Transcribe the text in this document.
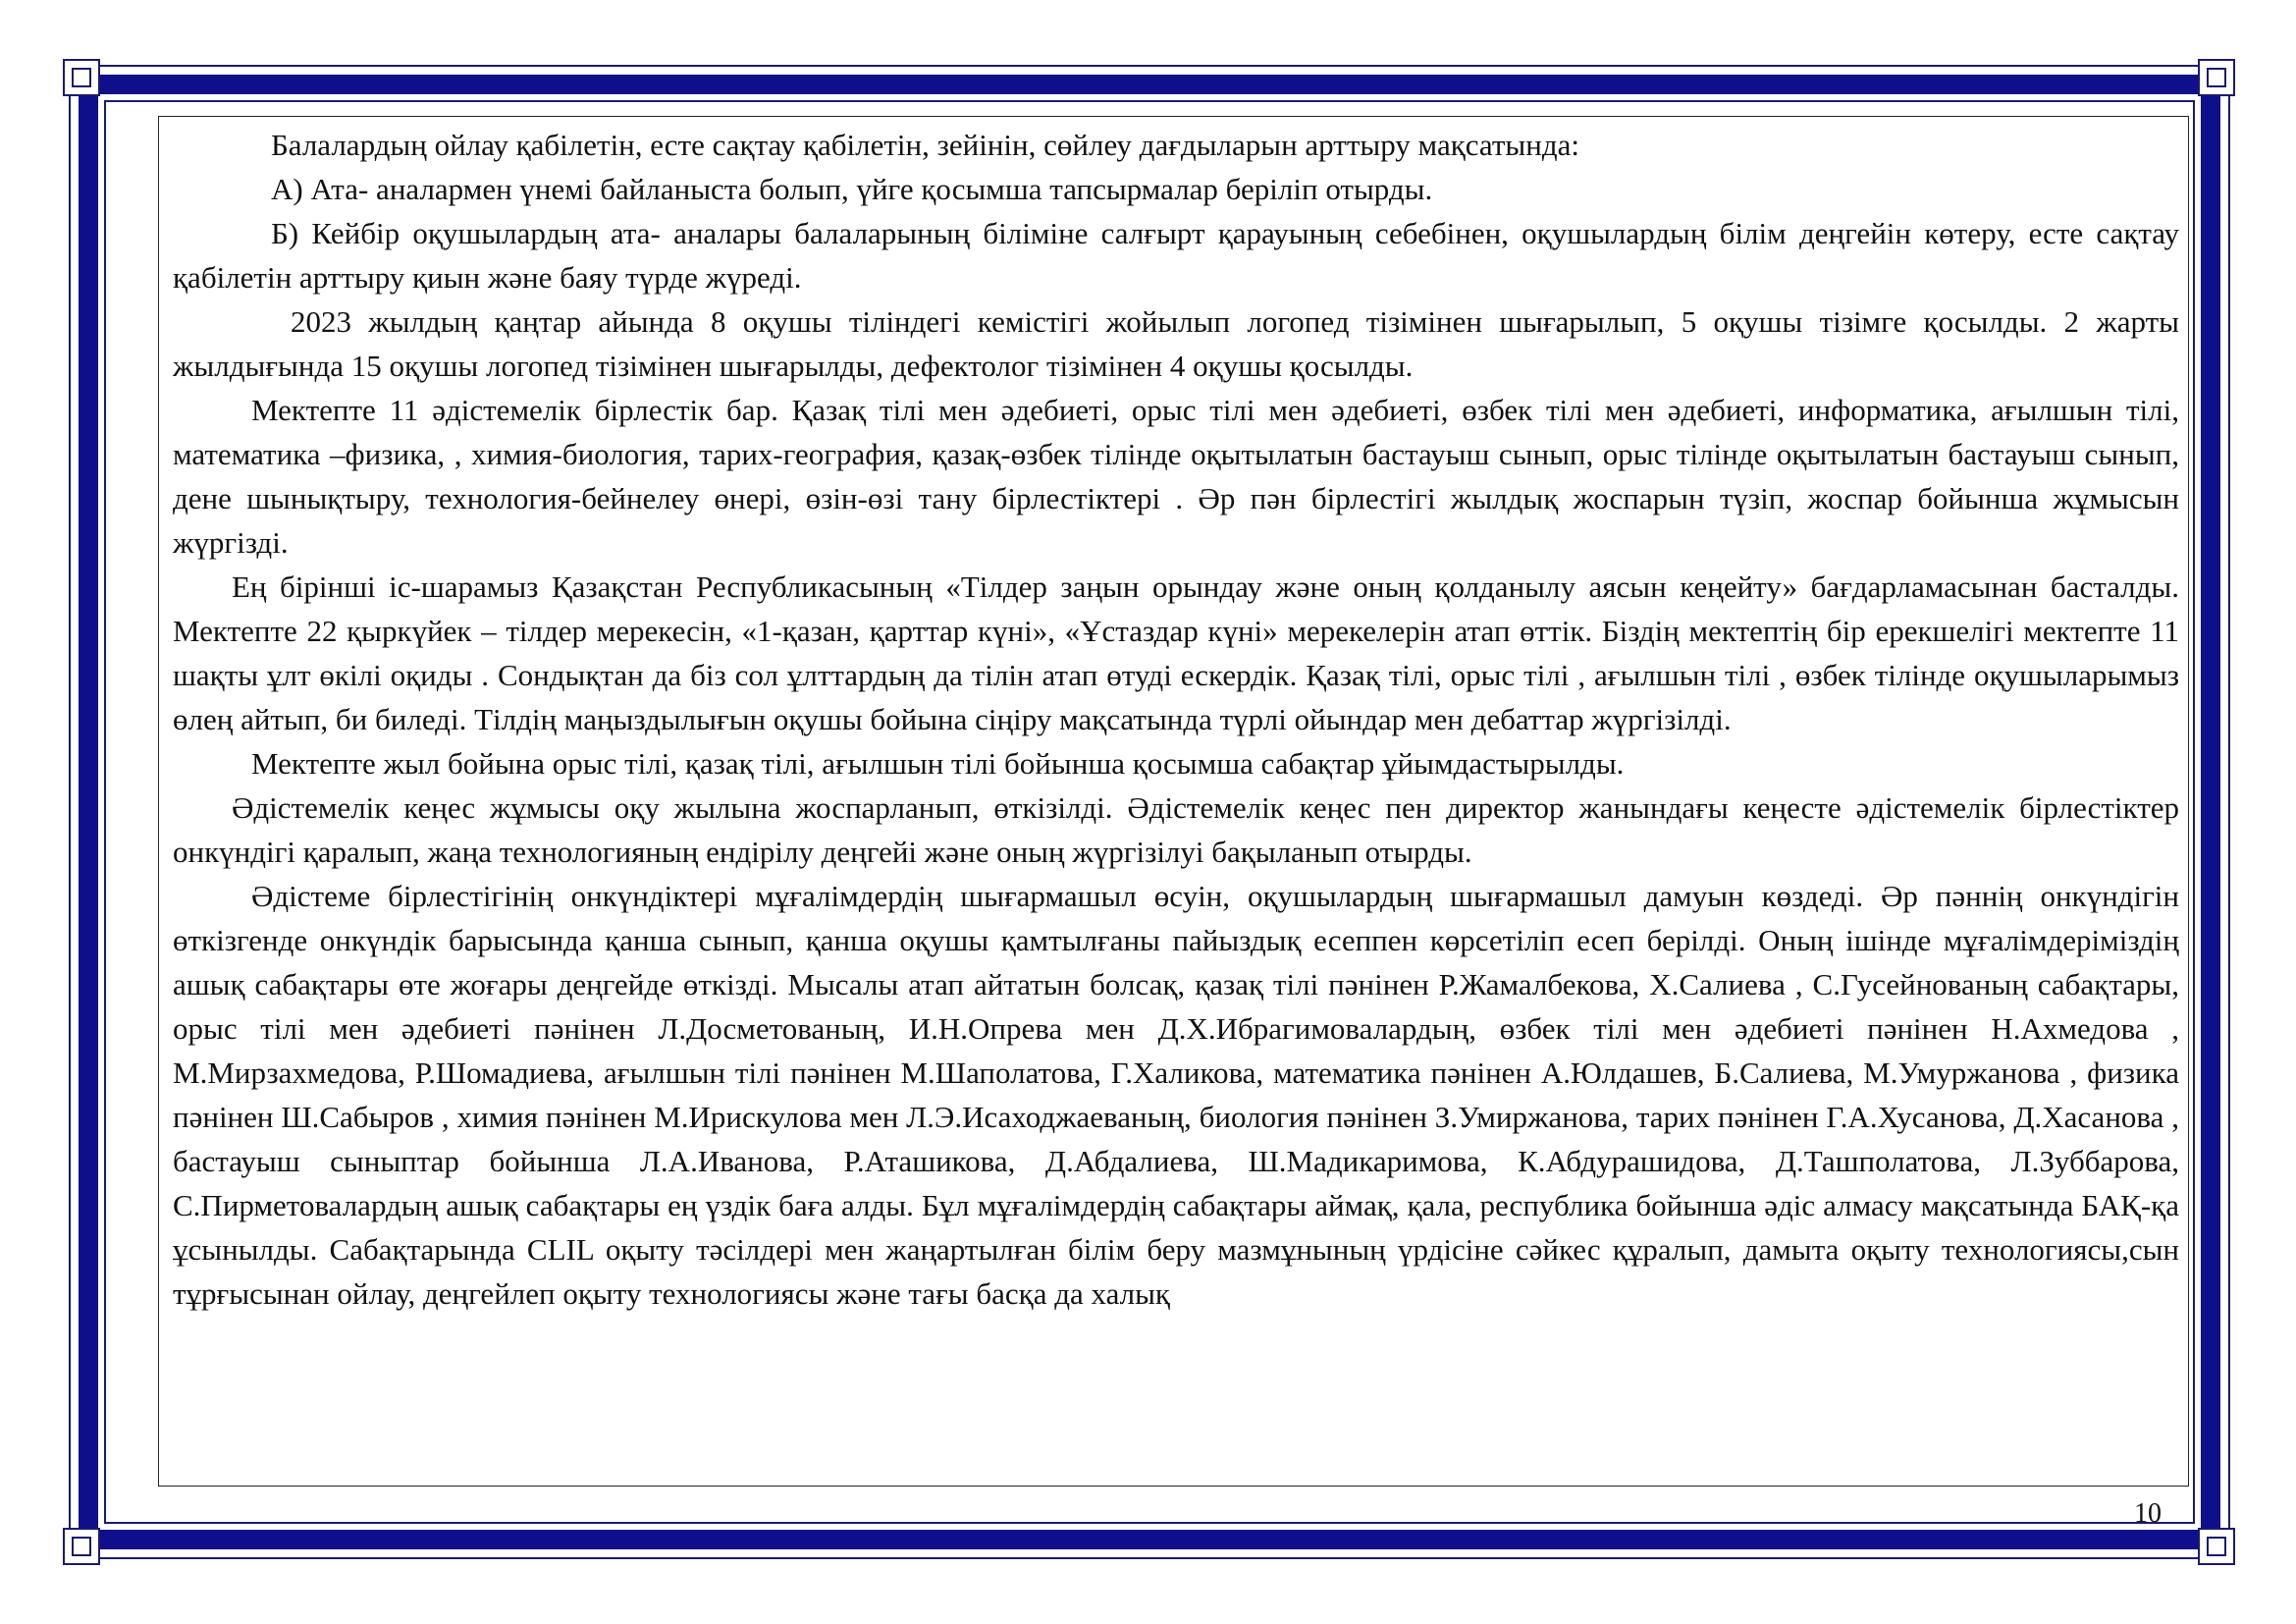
Балалардың ойлау қабілетін, есте сақтау қабілетін, зейінін, сөйлеу дағдыларын арттыру мақсатында:

А) Ата- аналармен үнемі байланыста болып, үйге қосымша тапсырмалар беріліп отырды.

Б) Кейбір оқушылардың ата- аналары балаларының біліміне салғырт қарауының себебінен, оқушылардың білім деңгейін көтеру, есте сақтау қабілетін арттыру қиын және баяу түрде жүреді.

2023 жылдың қаңтар айында 8 оқушы тіліндегі кемістігі жойылып логопед тізімінен шығарылып, 5 оқушы тізімге қосылды. 2 жарты жылдығында 15 оқушы логопед тізімінен шығарылды, дефектолог тізімінен 4 оқушы қосылды.

Мектепте 11 әдістемелік бірлестік бар. Қазақ тілі мен әдебиеті, орыс тілі мен әдебиеті, өзбек тілі мен әдебиеті, информатика, ағылшын тілі, математика –физика, , химия-биология, тарих-география, қазақ-өзбек тілінде оқытылатын бастауыш сынып, орыс тілінде оқытылатын бастауыш сынып, дене шынықтыру, технология-бейнелеу өнері, өзін-өзі тану бірлестіктері . Әр пән бірлестігі жылдық жоспарын түзіп, жоспар бойынша жұмысын жүргізді.

Ең бірінші іс-шарамыз Қазақстан Республикасының «Тілдер заңын орындау және оның қолданылу аясын кеңейту» бағдарламасынан басталды. Мектепте 22 қыркүйек – тілдер мерекесін, «1-қазан, қарттар күні», «Ұстаздар күні» мерекелерін атап өттік. Біздің мектептің бір ерекшелігі мектепте 11 шақты ұлт өкілі оқиды . Сондықтан да біз сол ұлттардың да тілін атап өтуді ескердік. Қазақ тілі, орыс тілі , ағылшын тілі , өзбек тілінде оқушыларымыз өлең айтып, би биледі. Тілдің маңыздылығын оқушы бойына сіңіру мақсатында түрлі ойындар мен дебаттар жүргізілді.

Мектепте жыл бойына орыс тілі, қазақ тілі, ағылшын тілі бойынша қосымша сабақтар ұйымдастырылды.

Әдістемелік кеңес жұмысы оқу жылына жоспарланып, өткізілді. Әдістемелік кеңес пен директор жанындағы кеңесте әдістемелік бірлестіктер онкүндігі қаралып, жаңа технологияның ендірілу деңгейі және оның жүргізілуі бақыланып отырды.

Әдістеме бірлестігінің онкүндіктері мұғалімдердің шығармашыл өсуін, оқушылардың шығармашыл дамуын көздеді. Әр пәннің онкүндігін өткізгенде онкүндік барысында қанша сынып, қанша оқушы қамтылғаны пайыздық есеппен көрсетіліп есеп берілді. Оның ішінде мұғалімдеріміздің ашық сабақтары өте жоғары деңгейде өткізді. Мысалы атап айтатын болсақ, қазақ тілі пәнінен Р.Жамалбекова, Х.Салиева , С.Гусейнованың сабақтары, орыс тілі мен әдебиеті пәнінен Л.Досметованың, И.Н.Опрева мен Д.Х.Ибрагимовалардың, өзбек тілі мен әдебиеті пәнінен Н.Ахмедова , М.Мирзахмедова, Р.Шомадиева, ағылшын тілі пәнінен М.Шаполатова, Г.Халикова, математика пәнінен А.Юлдашев, Б.Салиева, М.Умуржанова , физика пәнінен Ш.Сабыров , химия пәнінен М.Ирискулова мен Л.Э.Исаходжаеваның, биология пәнінен З.Умиржанова, тарих пәнінен Г.А.Хусанова, Д.Хасанова , бастауыш сыныптар бойынша Л.А.Иванова, Р.Аташикова, Д.Абдалиева, Ш.Мадикаримова, К.Абдурашидова, Д.Ташполатова, Л.Зуббарова, С.Пирметовалардың ашық сабақтары ең үздік баға алды. Бұл мұғалімдердің сабақтары аймақ, қала, республика бойынша әдіс алмасу мақсатында БАҚ-қа ұсынылды. Сабақтарында CLIL оқыту тәсілдері мен жаңартылған білім беру мазмұнының үрдісіне сәйкес құралып, дамыта оқыту технологиясы,сын тұрғысынан ойлау, деңгейлеп оқыту технологиясы және тағы басқа да халық

10
